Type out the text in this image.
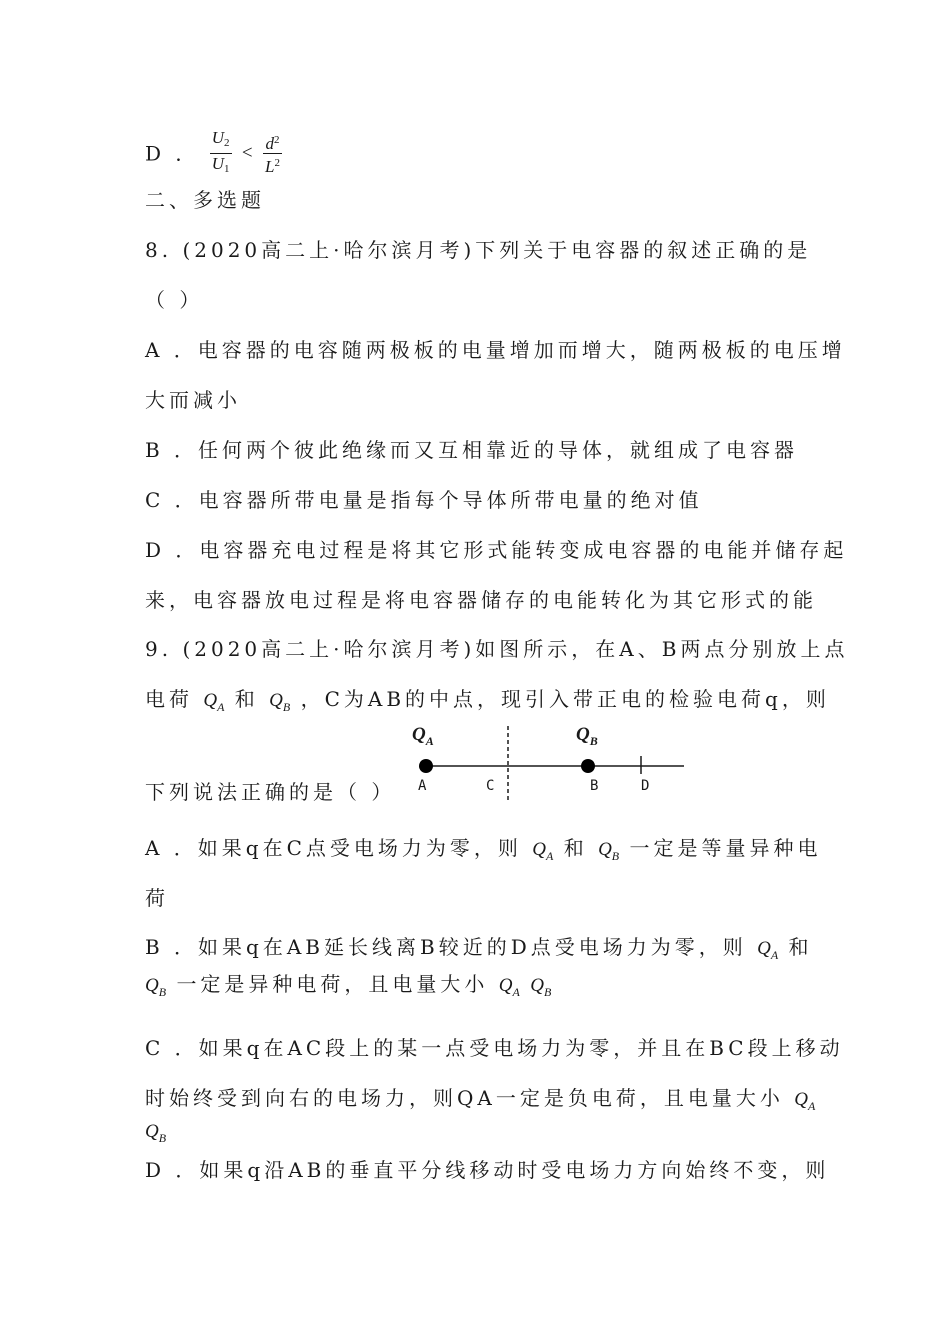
D ． $\frac{U_2}{U_1} < \frac{d^2}{L^2}$
二、多选题
8. (2020高二上·哈尔滨月考)下列关于电容器的叙述正确的是
（ ）
A ．电容器的电容随两极板的电量增加而增大，随两极板的电压增
大而减小
B ．任何两个彼此绝缘而又互相靠近的导体，就组成了电容器
C ．电容器所带电量是指每个导体所带电量的绝对值
D ．电容器充电过程是将其它形式能转变成电容器的电能并储存起
来，电容器放电过程是将电容器储存的电能转化为其它形式的能
9. (2020高二上·哈尔滨月考)如图所示，在A、B两点分别放上点
电荷 $Q_A$ 和 $Q_B$ ，C为AB的中点，现引入带正电的检验电荷q，则
下列说法正确的是（ ）
$Q_A$	$Q_B$
A	C	B	D
A ．如果q在C点受电场力为零，则 $Q_A$ 和 $Q_B$ 一定是等量异种电
荷
B ．如果q在AB延长线离B较近的D点受电场力为零，则 $Q_A$ 和
$Q_B$ 一定是异种电荷，且电量大小 $Q_A$ $Q_B$
C ．如果q在AC段上的某一点受电场力为零，并且在BC段上移动
时始终受到向右的电场力，则QA一定是负电荷，且电量大小 $Q_A$
$Q_B$
D ．如果q沿AB的垂直平分线移动时受电场力方向始终不变，则
